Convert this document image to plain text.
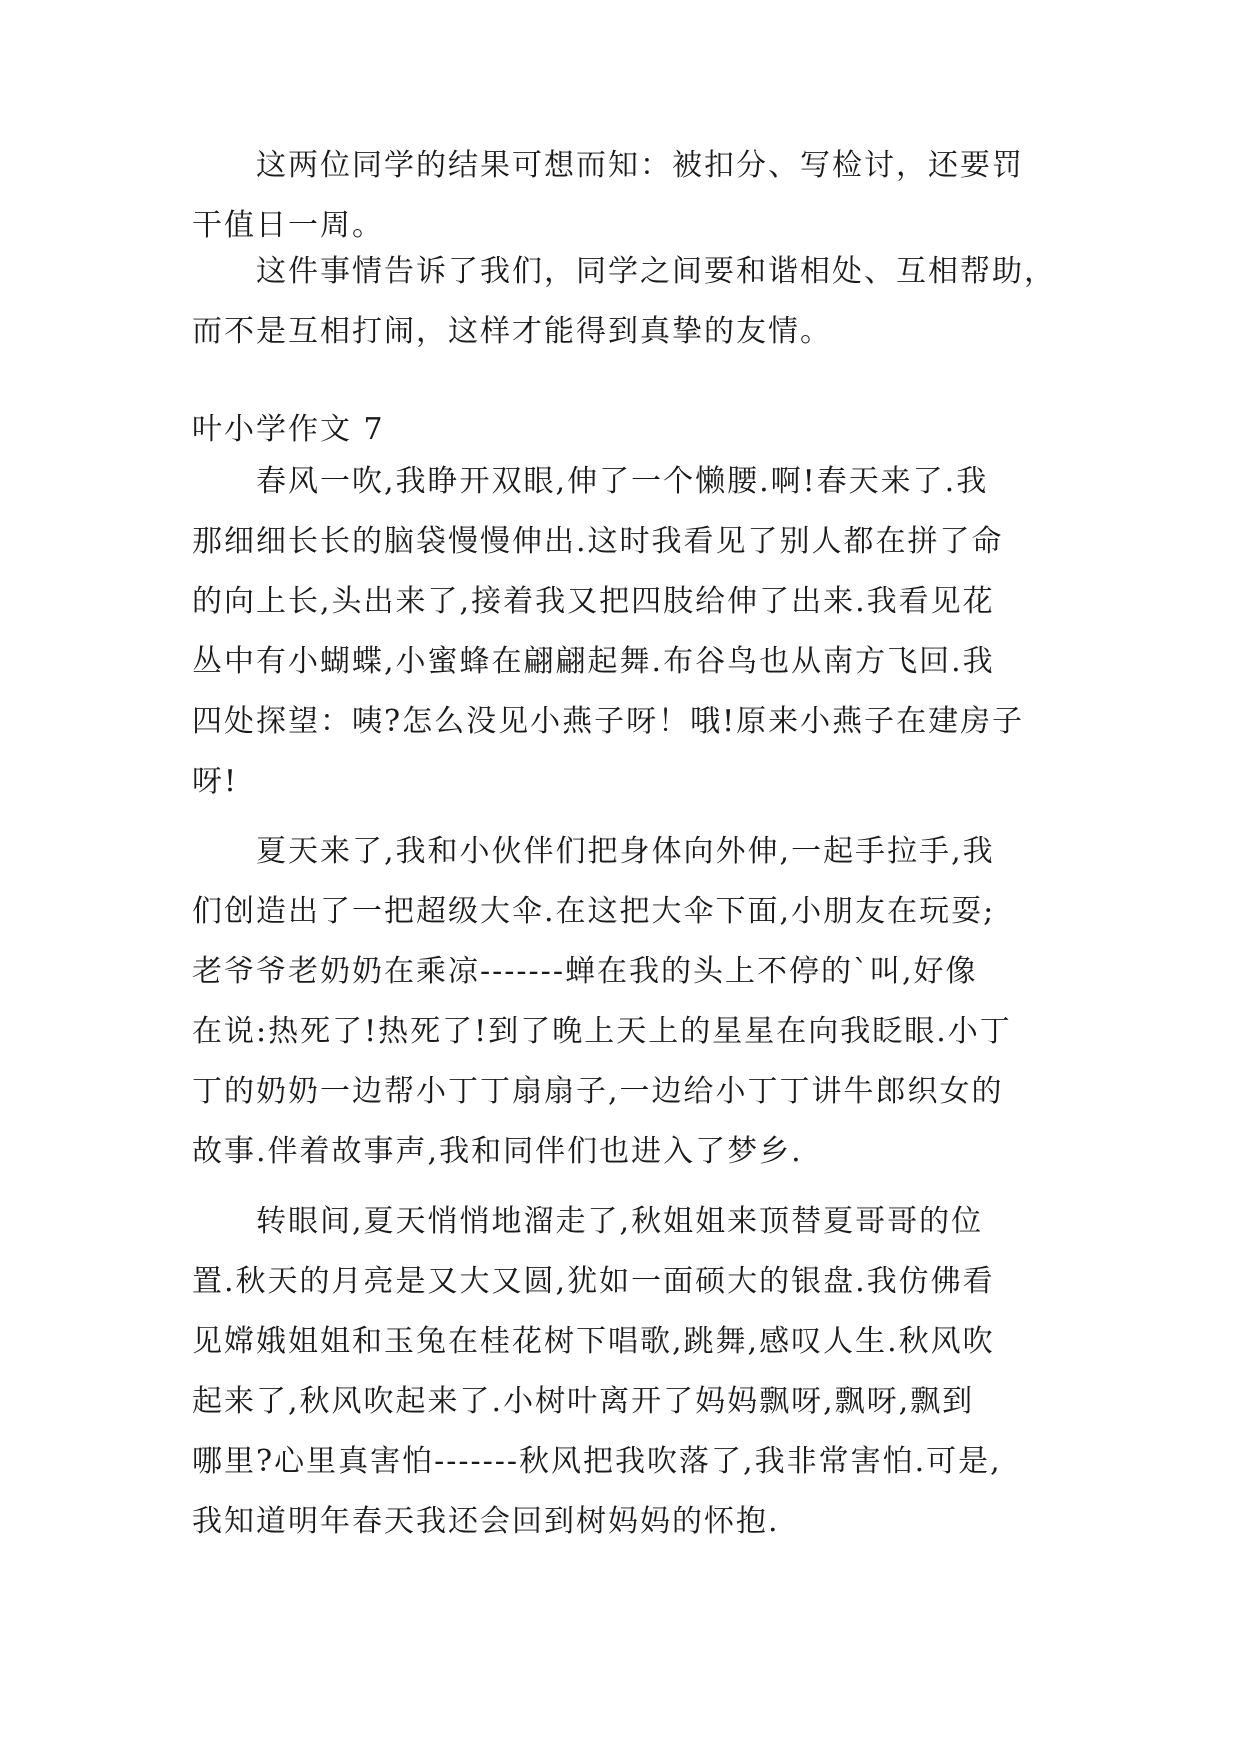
这两位同学的结果可想而知：被扣分、写检讨，还要罚
干值日一周。
这件事情告诉了我们，同学之间要和谐相处、互相帮助，
而不是互相打闹，这样才能得到真挚的友情。
叶小学作文 7
春风一吹,我睁开双眼,伸了一个懒腰.啊!春天来了.我
那细细长长的脑袋慢慢伸出.这时我看见了别人都在拼了命
的向上长,头出来了,接着我又把四肢给伸了出来.我看见花
丛中有小蝴蝶,小蜜蜂在翩翩起舞.布谷鸟也从南方飞回.我
四处探望：咦?怎么没见小燕子呀！哦!原来小燕子在建房子
呀!
夏天来了,我和小伙伴们把身体向外伸,一起手拉手,我
们创造出了一把超级大伞.在这把大伞下面,小朋友在玩耍;
老爷爷老奶奶在乘凉-------蝉在我的头上不停的`叫,好像
在说:热死了!热死了!到了晚上天上的星星在向我眨眼.小丁
丁的奶奶一边帮小丁丁扇扇子,一边给小丁丁讲牛郎织女的
故事.伴着故事声,我和同伴们也进入了梦乡.
转眼间,夏天悄悄地溜走了,秋姐姐来顶替夏哥哥的位
置.秋天的月亮是又大又圆,犹如一面硕大的银盘.我仿佛看
见嫦娥姐姐和玉兔在桂花树下唱歌,跳舞,感叹人生.秋风吹
起来了,秋风吹起来了.小树叶离开了妈妈飘呀,飘呀,飘到
哪里?心里真害怕-------秋风把我吹落了,我非常害怕.可是,
我知道明年春天我还会回到树妈妈的怀抱.
